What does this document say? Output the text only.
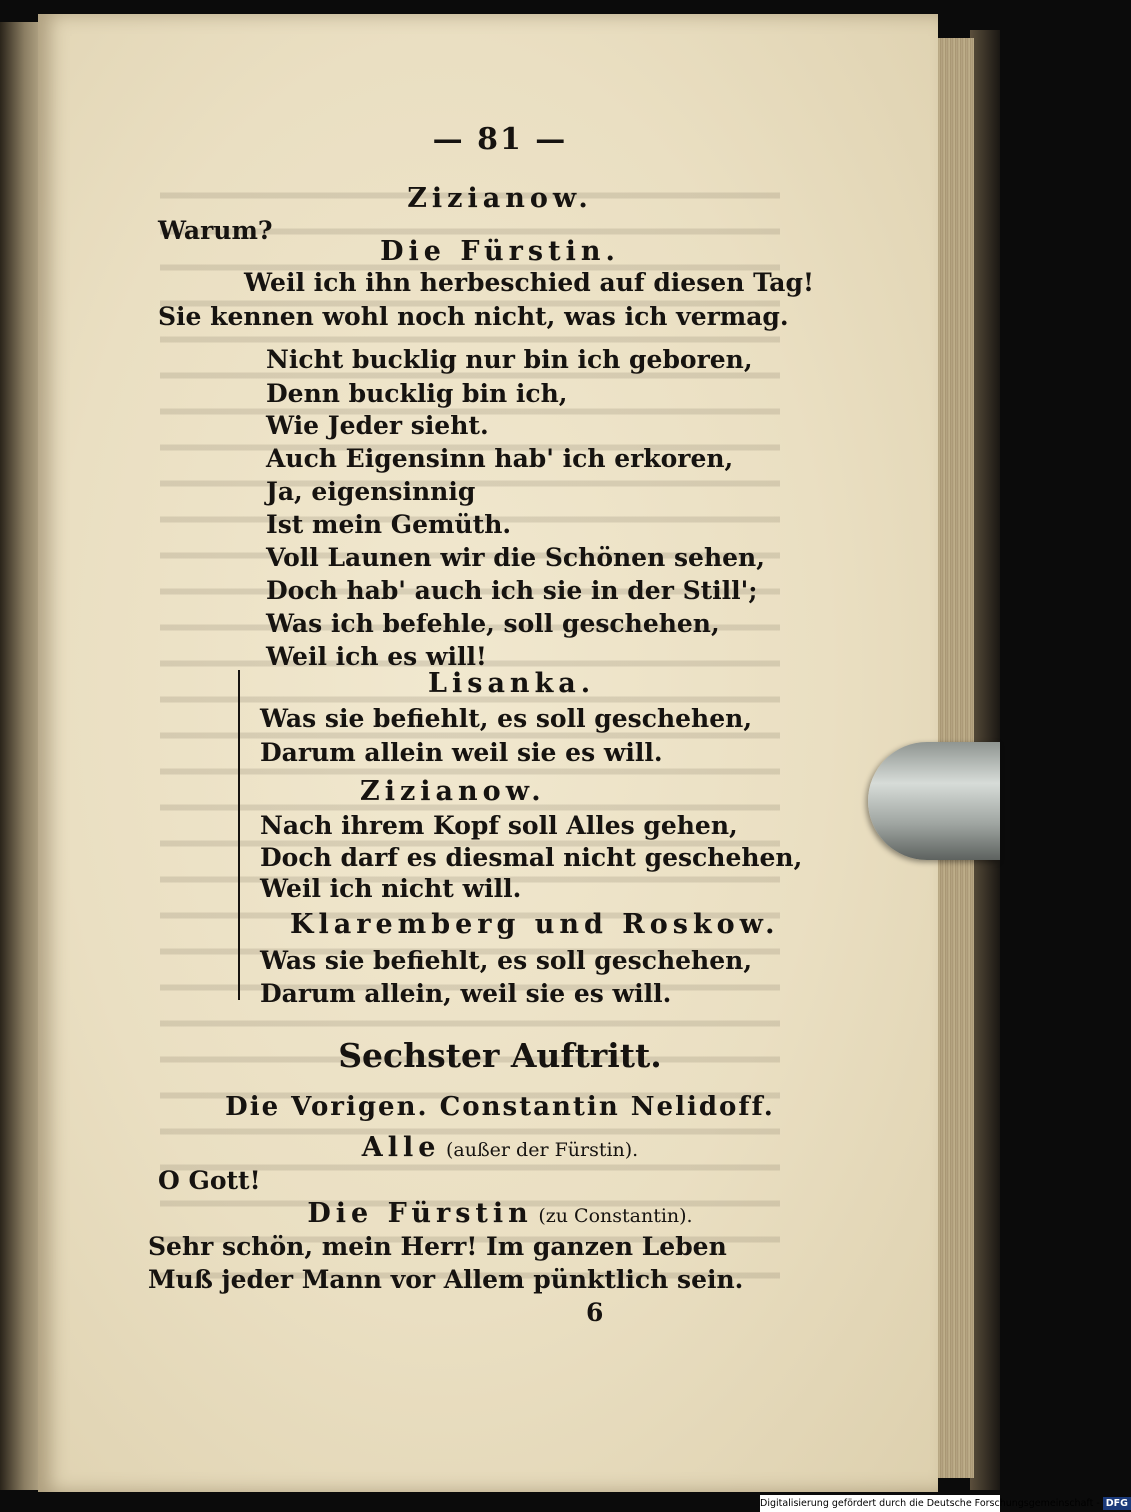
— 81 —
Zizianow.
Warum?
Die Fürstin.
Weil ich ihn herbeschied auf diesen Tag!
Sie kennen wohl noch nicht, was ich vermag.
Nicht bucklig nur bin ich geboren,
Denn bucklig bin ich,
Wie Jeder sieht.
Auch Eigensinn hab' ich erkoren,
Ja, eigensinnig
Ist mein Gemüth.
Voll Launen wir die Schönen sehen,
Doch hab' auch ich sie in der Still';
Was ich befehle, soll geschehen,
Weil ich es will!
Lisanka.
Was sie befiehlt, es soll geschehen,
Darum allein weil sie es will.
Zizianow.
Nach ihrem Kopf soll Alles gehen,
Doch darf es diesmal nicht geschehen,
Weil ich nicht will.
Klaremberg und Roskow.
Was sie befiehlt, es soll geschehen,
Darum allein, weil sie es will.
Sechster Auftritt.
Die Vorigen. Constantin Nelidoff.
Alle (außer der Fürstin).
O Gott!
Die Fürstin (zu Constantin).
Sehr schön, mein Herr! Im ganzen Leben
Muß jeder Mann vor Allem pünktlich sein.
6
Digitalisierung gefördert durch die Deutsche Forschungsgemeinschaft - DFG
